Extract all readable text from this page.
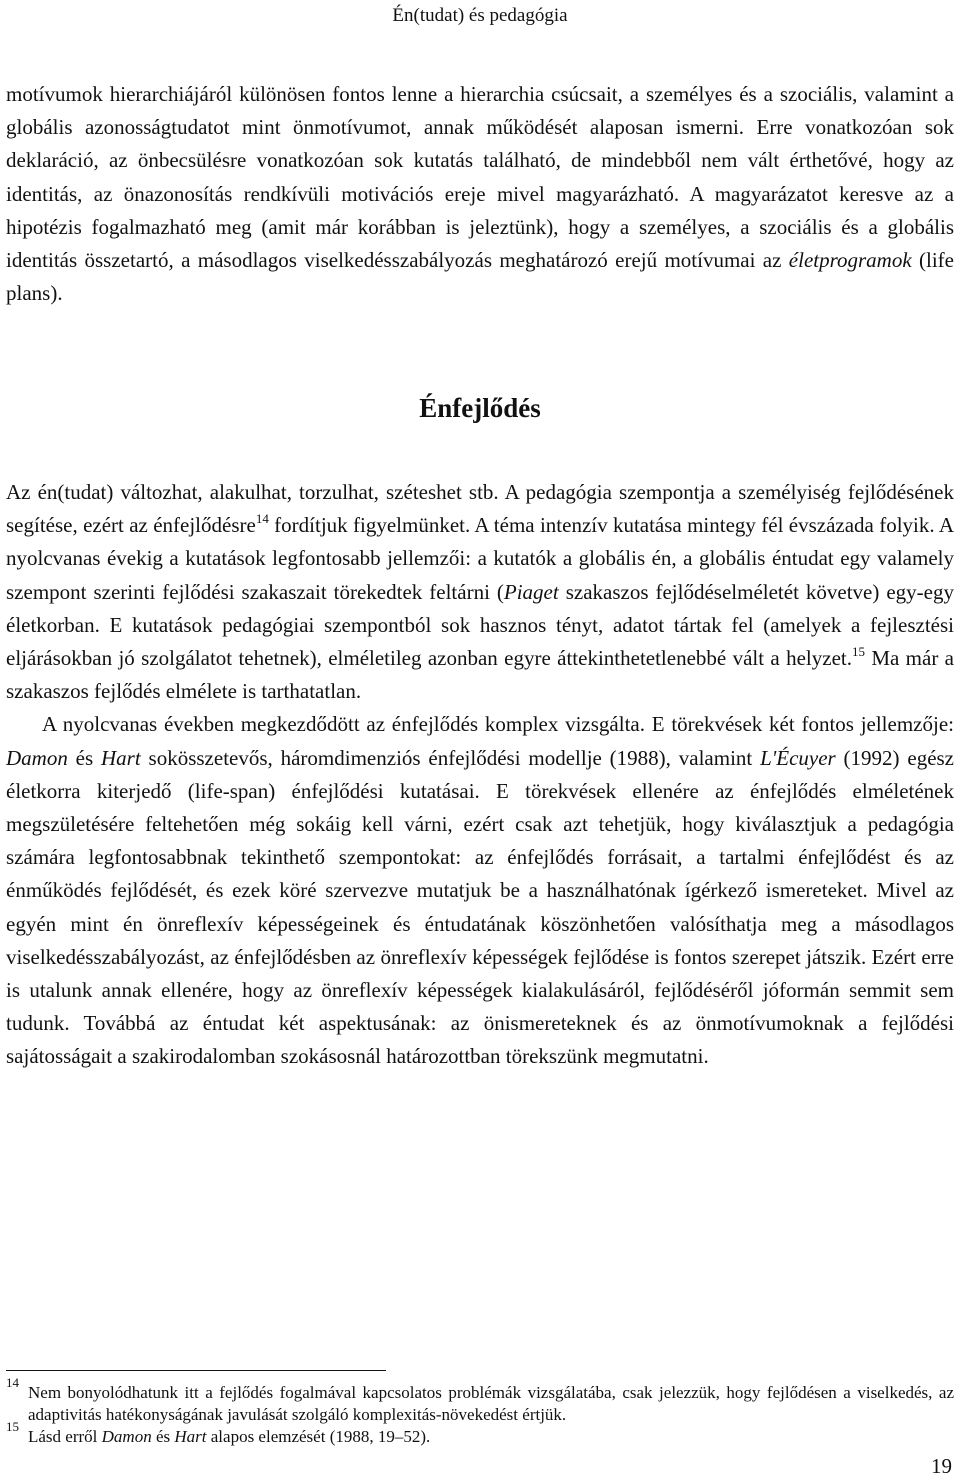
Én(tudat) és pedagógia

motívumok hierarchiájáról különösen fontos lenne a hierarchia csúcsait, a személyes és a szociális, valamint a globális azonosságtudatot mint önmotívumot, annak működését alaposan ismerni. Erre vonatkozóan sok deklaráció, az önbecsülésre vonatkozóan sok kutatás található, de mindebből nem vált érthetővé, hogy az identitás, az önazonosítás rendkívüli motivációs ereje mivel magyarázható. A magyarázatot keresve az a hipotézis fogalmazható meg (amit már korábban is jeleztünk), hogy a személyes, a szociális és a globális identitás összetartó, a másodlagos viselkedésszabályozás meghatározó erejű motívumai az életprogramok (life plans).

Énfejlődés

Az én(tudat) változhat, alakulhat, torzulhat, széteshet stb. A pedagógia szempontja a személyiség fejlődésének segítése, ezért az énfejlődésre$^{14}$ fordítjuk figyelmünket. A téma intenzív kutatása mintegy fél évszázada folyik. A nyolcvanas évekig a kutatások legfontosabb jellemzői: a kutatók a globális én, a globális éntudat egy valamely szempont szerinti fejlődési szakaszait törekedtek feltárni (Piaget szakaszos fejlődéselméletét követve) egy-egy életkorban. E kutatások pedagógiai szempontból sok hasznos tényt, adatot tártak fel (amelyek a fejlesztési eljárásokban jó szolgálatot tehetnek), elméletileg azonban egyre áttekinthetetlenebbé vált a helyzet.$^{15}$ Ma már a szakaszos fejlődés elmélete is tarthatatlan.

A nyolcvanas években megkezdődött az énfejlődés komplex vizsgálta. E törekvések két fontos jellemzője: Damon és Hart sokösszetevős, háromdimenziós énfejlődési modellje (1988), valamint L'Écuyer (1992) egész életkorra kiterjedő (life-span) énfejlődési kutatásai. E törekvések ellenére az énfejlődés elméletének megszületésére feltehetően még sokáig kell várni, ezért csak azt tehetjük, hogy kiválasztjuk a pedagógia számára legfontosabbnak tekinthető szempontokat: az énfejlődés forrásait, a tartalmi énfejlődést és az énműködés fejlődését, és ezek köré szervezve mutatjuk be a használhatónak ígérkező ismereteket. Mivel az egyén mint én önreflexív képességeinek és éntudatának köszönhetően valósíthatja meg a másodlagos viselkedésszabályozást, az énfejlődésben az önreflexív képességek fejlődése is fontos szerepet játszik. Ezért erre is utalunk annak ellenére, hogy az önreflexív képességek kialakulásáról, fejlődéséről jóformán semmit sem tudunk. Továbbá az éntudat két aspektusának: az önismereteknek és az önmotívumoknak a fejlődési sajátosságait a szakirodalomban szokásosnál határozottban törekszünk megmutatni.

14
Nem bonyolódhatunk itt a fejlődés fogalmával kapcsolatos problémák vizsgálatába, csak jelezzük, hogy fejlődésen a viselkedés, az adaptivitás hatékonyságának javulását szolgáló komplexitás-növekedést értjük.

15
Lásd erről Damon és Hart alapos elemzését (1988, 19–52).

19
